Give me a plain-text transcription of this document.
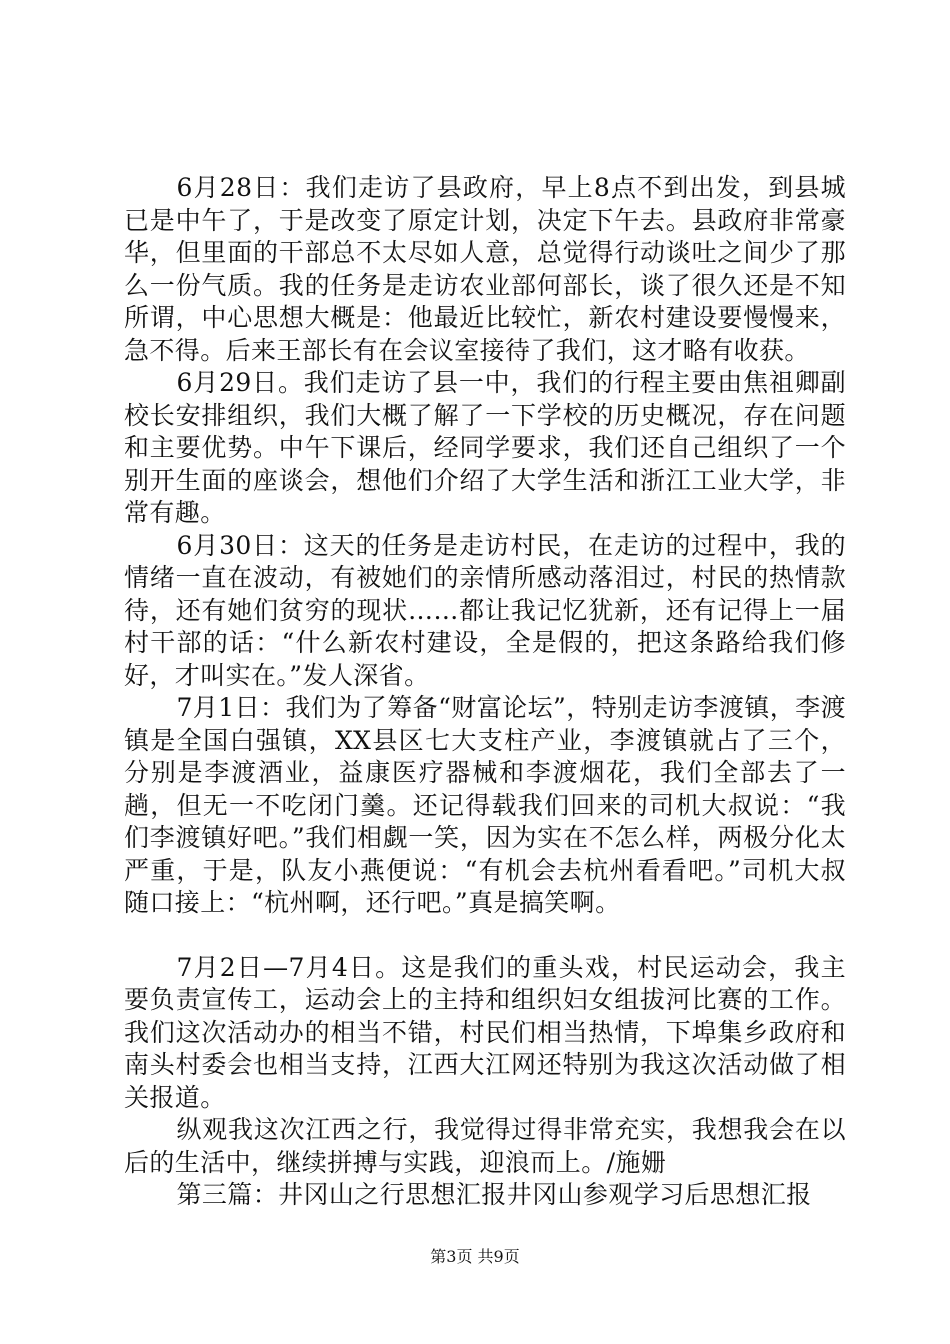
6月28日：我们走访了县政府，早上8点不到出发，到县城已是中午了，于是改变了原定计划，决定下午去。县政府非常豪华，但里面的干部总不太尽如人意，总觉得行动谈吐之间少了那么一份气质。我的任务是走访农业部何部长，谈了很久还是不知所谓，中心思想大概是：他最近比较忙，新农村建设要慢慢来，急不得。后来王部长有在会议室接待了我们，这才略有收获。

6月29日。我们走访了县一中，我们的行程主要由焦祖卿副校长安排组织，我们大概了解了一下学校的历史概况，存在问题和主要优势。中午下课后，经同学要求，我们还自己组织了一个别开生面的座谈会，想他们介绍了大学生活和浙江工业大学，非常有趣。

6月30日：这天的任务是走访村民，在走访的过程中，我的情绪一直在波动，有被她们的亲情所感动落泪过，村民的热情款待，还有她们贫穷的现状……都让我记忆犹新，还有记得上一届村干部的话：“什么新农村建设，全是假的，把这条路给我们修好，才叫实在。”发人深省。

7月1日：我们为了筹备“财富论坛”，特别走访李渡镇，李渡镇是全国白强镇，XX县区七大支柱产业，李渡镇就占了三个，分别是李渡酒业，益康医疗器械和李渡烟花，我们全部去了一趟，但无一不吃闭门羹。还记得载我们回来的司机大叔说：“我们李渡镇好吧。”我们相觑一笑，因为实在不怎么样，两极分化太严重，于是，队友小燕便说：“有机会去杭州看看吧。”司机大叔随口接上：“杭州啊，还行吧。”真是搞笑啊。

7月2日—7月4日。这是我们的重头戏，村民运动会，我主要负责宣传工，运动会上的主持和组织妇女组拔河比赛的工作。我们这次活动办的相当不错，村民们相当热情，下埠集乡政府和南头村委会也相当支持，江西大江网还特别为我这次活动做了相关报道。

纵观我这次江西之行，我觉得过得非常充实，我想我会在以后的生活中，继续拼搏与实践，迎浪而上。/施姗

第三篇：井冈山之行思想汇报井冈山参观学习后思想汇报

第3页 共9页
